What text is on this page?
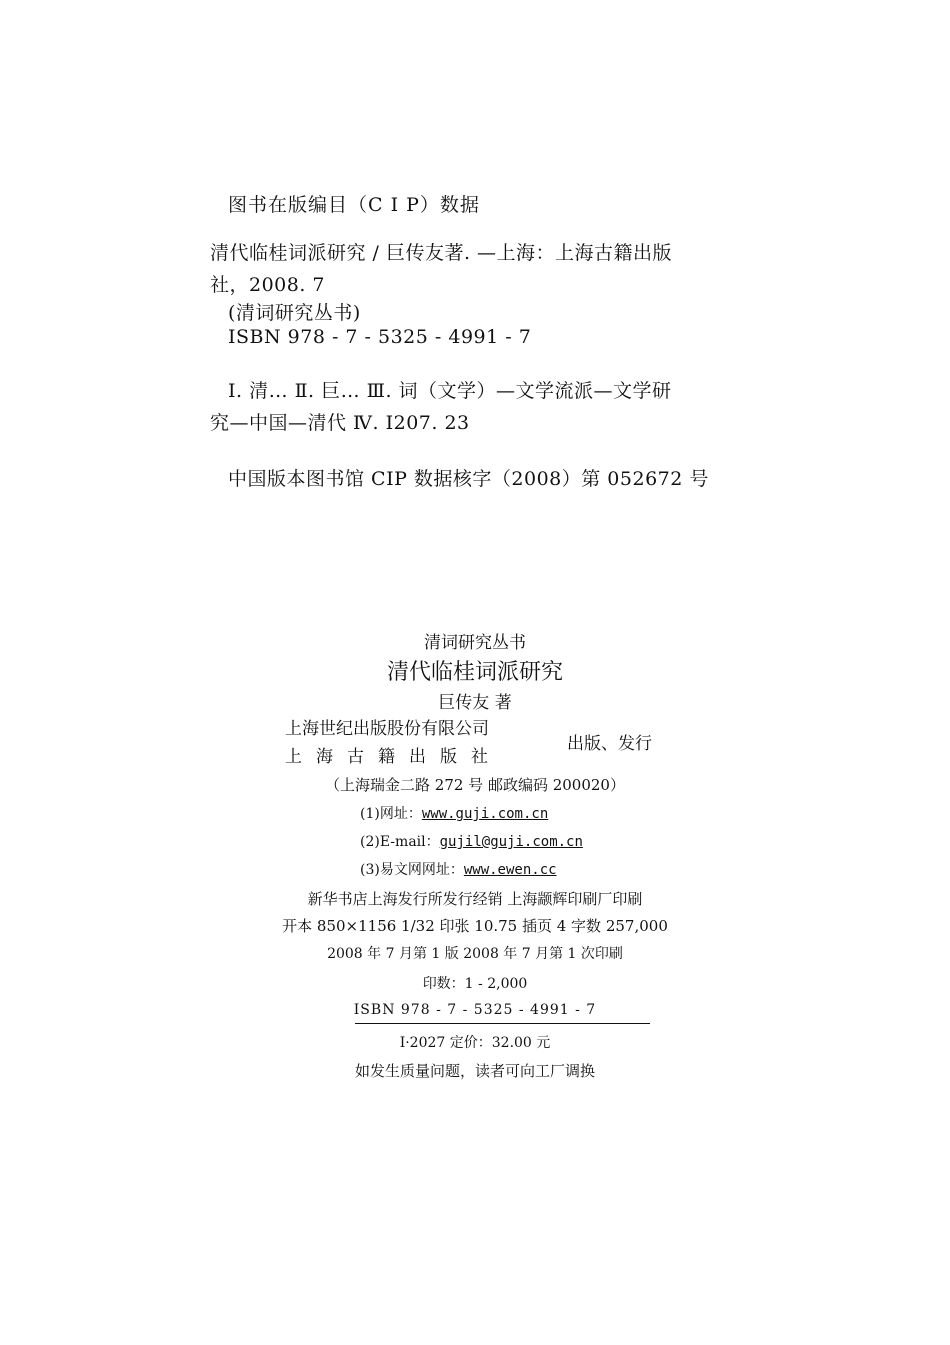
图书在版编目（C I P）数据
清代临桂词派研究 / 巨传友著. —上海：上海古籍出版
社，2008. 7
(清词研究丛书)
ISBN 978 - 7 - 5325 - 4991 - 7
Ⅰ. 清… Ⅱ. 巨… Ⅲ. 词（文学）—文学流派—文学研
究—中国—清代 Ⅳ. I207. 23
中国版本图书馆 CIP 数据核字（2008）第 052672 号
清词研究丛书
清代临桂词派研究
巨传友 著
上海世纪出版股份有限公司
上海古籍出版社
出版、发行
（上海瑞金二路 272 号 邮政编码 200020）
(1)网址：www.guji.com.cn
(2)E-mail：gujil@guji.com.cn
(3)易文网网址：www.ewen.cc
新华书店上海发行所发行经销 上海颛辉印刷厂印刷
开本 850×1156 1/32 印张 10.75 插页 4 字数 257,000
2008 年 7 月第 1 版 2008 年 7 月第 1 次印刷
印数：1 - 2,000
ISBN 978 - 7 - 5325 - 4991 - 7
I·2027 定价：32.00 元
如发生质量问题，读者可向工厂调换
